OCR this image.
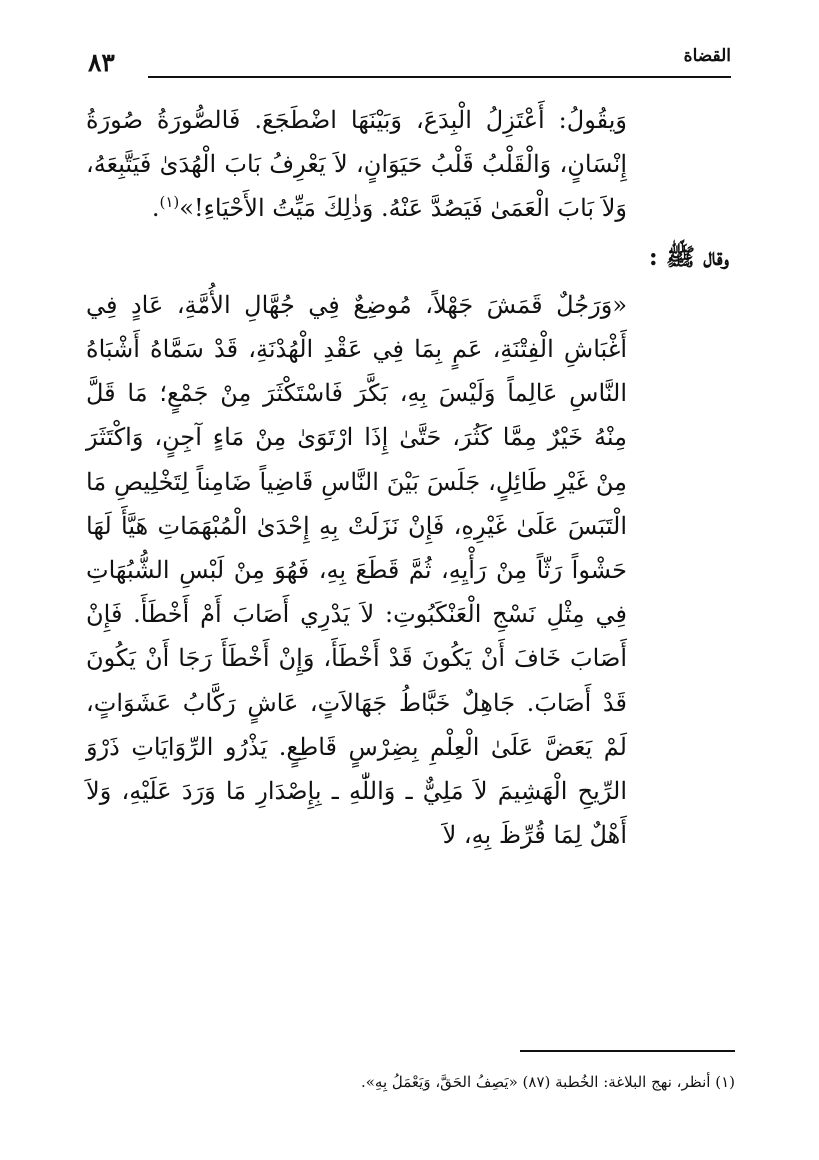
القضاة
٨٣

وَيقُولُ: أَعْتَزِلُ الْبِدَعَ، وَبَيْنَهَا اضْطَجَعَ. فَالصُّورَةُ صُورَةُ إِنْسَانٍ، وَالْقَلْبُ قَلْبُ حَيَوَانٍ، لاَ يَعْرِفُ بَابَ الْهُدَىٰ فَيَتَّبِعَهُ، وَلاَ بَابَ الْعَمَىٰ فَيَصُدَّ عَنْهُ. وَذٰلِكَ مَيِّتُ الأَحْيَاءِ!»$^{(١)}$.

وقال ﷺ :

«وَرَجُلٌ قَمَشَ جَهْلاً، مُوضِعٌ فِي جُهَّالِ الأُمَّةِ، عَادٍ فِي أَغْبَاشِ الْفِتْنَةِ، عَمٍ بِمَا فِي عَقْدِ الْهُدْنَةِ، قَدْ سَمَّاهُ أَشْبَاهُ النَّاسِ عَالِماً وَلَيْسَ بِهِ، بَكَّرَ فَاسْتَكْثَرَ مِنْ جَمْعٍ؛ مَا قَلَّ مِنْهُ خَيْرٌ مِمَّا كَثُرَ، حَتَّىٰ إِذَا ارْتَوَىٰ مِنْ مَاءٍ آجِنٍ، وَاكْتَثَرَ مِنْ غَيْرِ طَائِلٍ، جَلَسَ بَيْنَ النَّاسِ قَاضِياً ضَامِناً لِتَخْلِيصِ مَا الْتَبَسَ عَلَىٰ غَيْرِهِ، فَإِنْ نَزَلَتْ بِهِ إِحْدَىٰ الْمُبْهَمَاتِ هَيَّأَ لَهَا حَشْواً رَثّاً مِنْ رَأْيِهِ، ثُمَّ قَطَعَ بِهِ، فَهُوَ مِنْ لَبْسِ الشُّبُهَاتِ فِي مِثْلِ نَسْجِ الْعَنْكَبُوتِ: لاَ يَدْرِي أَصَابَ أَمْ أَخْطَأَ. فَإِنْ أَصَابَ خَافَ أَنْ يَكُونَ قَدْ أَخْطَأَ، وَإِنْ أَخْطَأَ رَجَا أَنْ يَكُونَ قَدْ أَصَابَ. جَاهِلٌ خَبَّاطُ جَهَالاَتٍ، عَاشٍ رَكَّابُ عَشَوَاتٍ، لَمْ يَعَضَّ عَلَىٰ الْعِلْمِ بِضِرْسٍ قَاطِعٍ. يَذْرُو الرِّوَايَاتِ ذَرْوَ الرِّيحِ الْهَشِيمَ لاَ مَلِيٌّ ـ وَاللّٰهِ ـ بِإِصْدَارِ مَا وَرَدَ عَلَيْهِ، وَلاَ أَهْلٌ لِمَا قُرِّظَ بِهِ، لاَ

(١) أنظر، نهج البلاغة: الخُطبة (٨٧) «يَصِفُ الحَقَّ، وَيَعْمَلُ بِهِ».
